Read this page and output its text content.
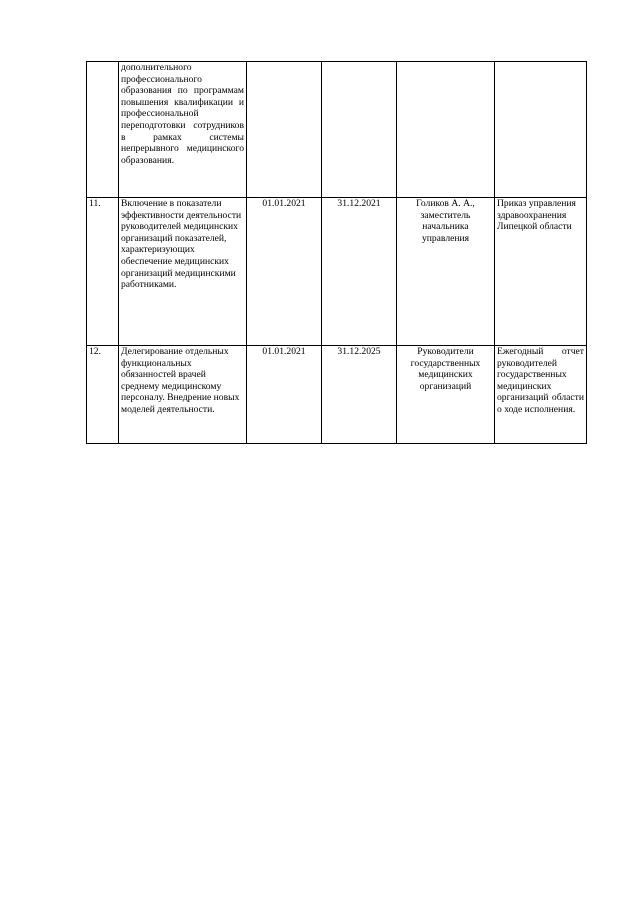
	дополнительного профессионального образования по программам повышения квалификации и профессиональной переподготовки сотрудников в рамках системы непрерывного медицинского образования.				
11.	Включение в показатели эффективности деятельности руководителей медицинских организаций показателей, характеризующих обеспечение медицинских организаций медицинскими работниками.	01.01.2021	31.12.2021	Голиков А. А., заместитель начальника управления	Приказ управления здравоохранения Липецкой области
12.	Делегирование отдельных функциональных обязанностей врачей среднему медицинскому персоналу. Внедрение новых моделей деятельности.	01.01.2021	31.12.2025	Руководители государственных медицинских организаций	Ежегодный отчет руководителей государственных медицинских организаций области о ходе исполнения.
